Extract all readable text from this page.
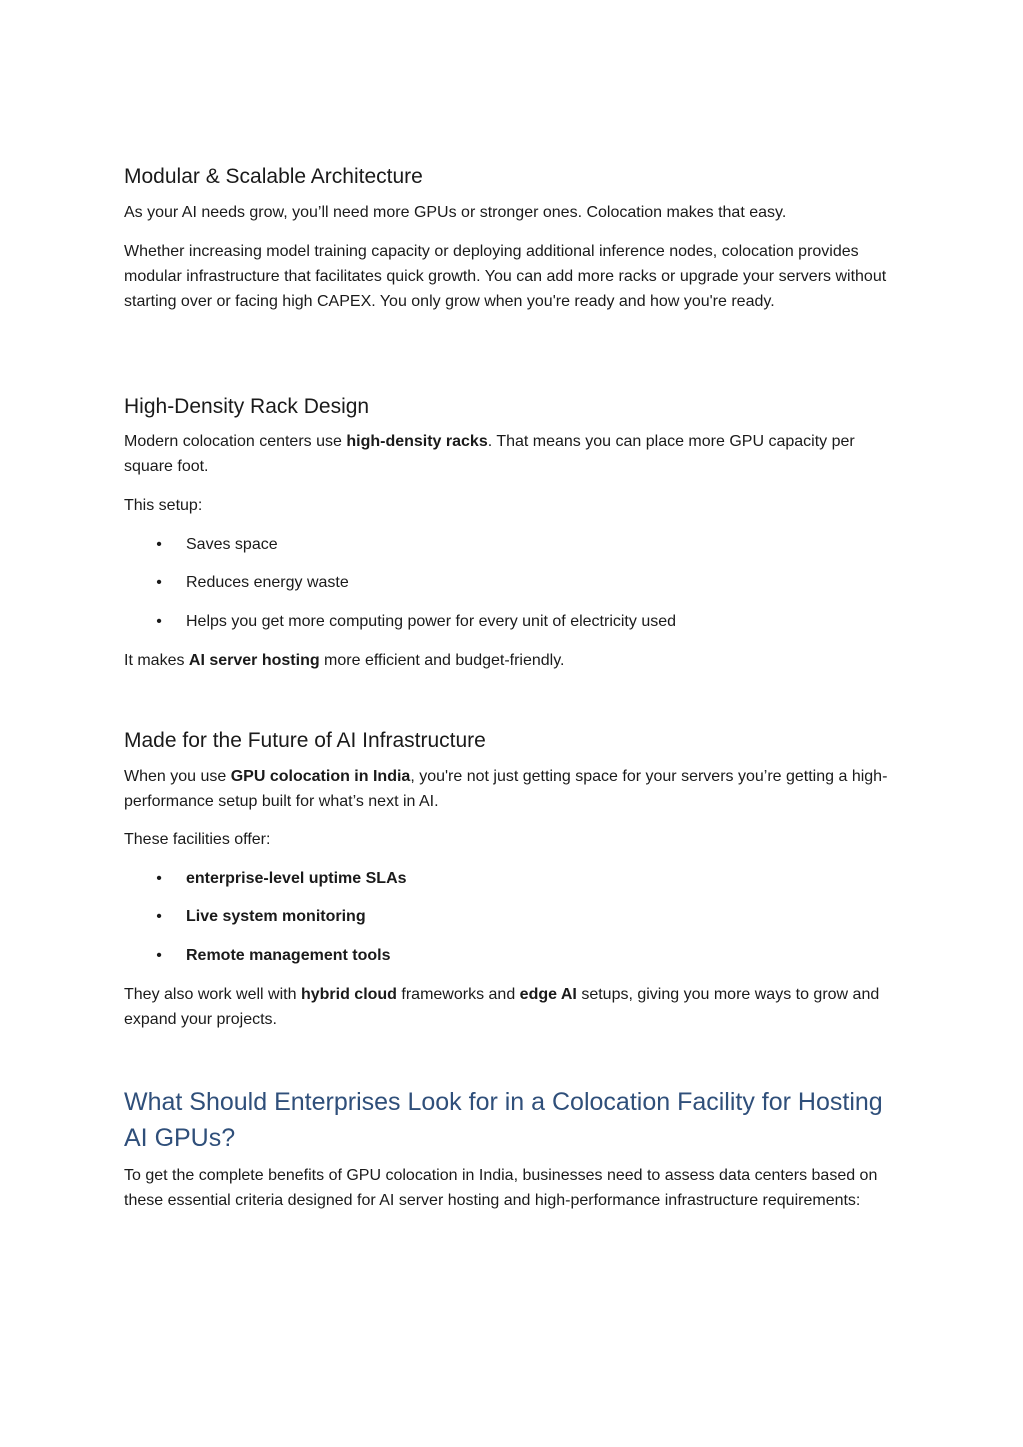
Modular & Scalable Architecture

As your AI needs grow, you’ll need more GPUs or stronger ones. Colocation makes that easy.

Whether increasing model training capacity or deploying additional inference nodes, colocation provides modular infrastructure that facilitates quick growth. You can add more racks or upgrade your servers without starting over or facing high CAPEX. You only grow when you're ready and how you're ready.

High-Density Rack Design

Modern colocation centers use high-density racks. That means you can place more GPU capacity per square foot.

This setup:

• Saves space
• Reduces energy waste
• Helps you get more computing power for every unit of electricity used

It makes AI server hosting more efficient and budget-friendly.

Made for the Future of AI Infrastructure

When you use GPU colocation in India, you're not just getting space for your servers you’re getting a high-performance setup built for what’s next in AI.

These facilities offer:

• enterprise-level uptime SLAs
• Live system monitoring
• Remote management tools

They also work well with hybrid cloud frameworks and edge AI setups, giving you more ways to grow and expand your projects.

What Should Enterprises Look for in a Colocation Facility for Hosting AI GPUs?

To get the complete benefits of GPU colocation in India, businesses need to assess data centers based on these essential criteria designed for AI server hosting and high-performance infrastructure requirements:
